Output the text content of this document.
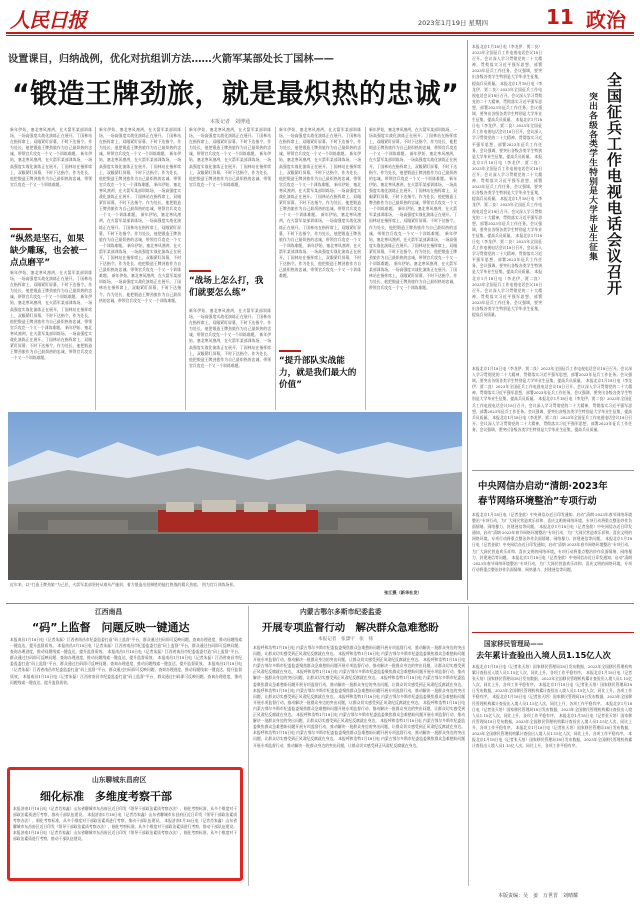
人民日报	2023年1月19日 星期四	11 政治
设置课目，归纳战例，优化对抗组训方法……火箭军某部处长丁国林——
“锻造王牌劲旅，就是最炽热的忠诚”
本报记者　刘博通
新年伊始，塞北寒风凛冽，在火箭军某部训练场，一场高强度实战化演练正在展开。丁国林站在指挥席上，双眼紧盯屏幕，不时下达指令。作为处长，他把锻造王牌劲旅作为自己最炽热的忠诚，带领官兵攻克一个又一个训练难题。 新年伊始，塞北寒风凛冽，在火箭军某部训练场，一场高强度实战化演练正在展开。丁国林站在指挥席上，双眼紧盯屏幕，不时下达指令。作为处长，他把锻造王牌劲旅作为自己最炽热的忠诚，带领官兵攻克一个又一个训练难题。
“纵然是坚石，如果缺少雕琢，也会被一点点磨平”
新年伊始，塞北寒风凛冽，在火箭军某部训练场，一场高强度实战化演练正在展开。丁国林站在指挥席上，双眼紧盯屏幕，不时下达指令。作为处长，他把锻造王牌劲旅作为自己最炽热的忠诚，带领官兵攻克一个又一个训练难题。 新年伊始，塞北寒风凛冽，在火箭军某部训练场，一场高强度实战化演练正在展开。丁国林站在指挥席上，双眼紧盯屏幕，不时下达指令。作为处长，他把锻造王牌劲旅作为自己最炽热的忠诚，带领官兵攻克一个又一个训练难题。 新年伊始，塞北寒风凛冽，在火箭军某部训练场，一场高强度实战化演练正在展开。丁国林站在指挥席上，双眼紧盯屏幕，不时下达指令。作为处长，他把锻造王牌劲旅作为自己最炽热的忠诚，带领官兵攻克一个又一个训练难题。
新年伊始，塞北寒风凛冽，在火箭军某部训练场，一场高强度实战化演练正在展开。丁国林站在指挥席上，双眼紧盯屏幕，不时下达指令。作为处长，他把锻造王牌劲旅作为自己最炽热的忠诚，带领官兵攻克一个又一个训练难题。 新年伊始，塞北寒风凛冽，在火箭军某部训练场，一场高强度实战化演练正在展开。丁国林站在指挥席上，双眼紧盯屏幕，不时下达指令。作为处长，他把锻造王牌劲旅作为自己最炽热的忠诚，带领官兵攻克一个又一个训练难题。 新年伊始，塞北寒风凛冽，在火箭军某部训练场，一场高强度实战化演练正在展开。丁国林站在指挥席上，双眼紧盯屏幕，不时下达指令。作为处长，他把锻造王牌劲旅作为自己最炽热的忠诚，带领官兵攻克一个又一个训练难题。 新年伊始，塞北寒风凛冽，在火箭军某部训练场，一场高强度实战化演练正在展开。丁国林站在指挥席上，双眼紧盯屏幕，不时下达指令。作为处长，他把锻造王牌劲旅作为自己最炽热的忠诚，带领官兵攻克一个又一个训练难题。 新年伊始，塞北寒风凛冽，在火箭军某部训练场，一场高强度实战化演练正在展开。丁国林站在指挥席上，双眼紧盯屏幕，不时下达指令。作为处长，他把锻造王牌劲旅作为自己最炽热的忠诚，带领官兵攻克一个又一个训练难题。 新年伊始，塞北寒风凛冽，在火箭军某部训练场，一场高强度实战化演练正在展开。丁国林站在指挥席上，双眼紧盯屏幕，不时下达指令。作为处长，他把锻造王牌劲旅作为自己最炽热的忠诚，带领官兵攻克一个又一个训练难题。
新年伊始，塞北寒风凛冽，在火箭军某部训练场，一场高强度实战化演练正在展开。丁国林站在指挥席上，双眼紧盯屏幕，不时下达指令。作为处长，他把锻造王牌劲旅作为自己最炽热的忠诚，带领官兵攻克一个又一个训练难题。 新年伊始，塞北寒风凛冽，在火箭军某部训练场，一场高强度实战化演练正在展开。丁国林站在指挥席上，双眼紧盯屏幕，不时下达指令。作为处长，他把锻造王牌劲旅作为自己最炽热的忠诚，带领官兵攻克一个又一个训练难题。
“战场上怎么打，我们就要怎么练”
新年伊始，塞北寒风凛冽，在火箭军某部训练场，一场高强度实战化演练正在展开。丁国林站在指挥席上，双眼紧盯屏幕，不时下达指令。作为处长，他把锻造王牌劲旅作为自己最炽热的忠诚，带领官兵攻克一个又一个训练难题。 新年伊始，塞北寒风凛冽，在火箭军某部训练场，一场高强度实战化演练正在展开。丁国林站在指挥席上，双眼紧盯屏幕，不时下达指令。作为处长，他把锻造王牌劲旅作为自己最炽热的忠诚，带领官兵攻克一个又一个训练难题。
新年伊始，塞北寒风凛冽，在火箭军某部训练场，一场高强度实战化演练正在展开。丁国林站在指挥席上，双眼紧盯屏幕，不时下达指令。作为处长，他把锻造王牌劲旅作为自己最炽热的忠诚，带领官兵攻克一个又一个训练难题。 新年伊始，塞北寒风凛冽，在火箭军某部训练场，一场高强度实战化演练正在展开。丁国林站在指挥席上，双眼紧盯屏幕，不时下达指令。作为处长，他把锻造王牌劲旅作为自己最炽热的忠诚，带领官兵攻克一个又一个训练难题。 新年伊始，塞北寒风凛冽，在火箭军某部训练场，一场高强度实战化演练正在展开。丁国林站在指挥席上，双眼紧盯屏幕，不时下达指令。作为处长，他把锻造王牌劲旅作为自己最炽热的忠诚，带领官兵攻克一个又一个训练难题。 新年伊始，塞北寒风凛冽，在火箭军某部训练场，一场高强度实战化演练正在展开。丁国林站在指挥席上，双眼紧盯屏幕，不时下达指令。作为处长，他把锻造王牌劲旅作为自己最炽热的忠诚，带领官兵攻克一个又一个训练难题。 新年伊始，塞北寒风凛冽，在火箭军某部训练场，一场高强度实战化演练正在展开。丁国林站在指挥席上，双眼紧盯屏幕，不时下达指令。作为处长，他把锻造王牌劲旅作为自己最炽热的忠诚，带领官兵攻克一个又一个训练难题。
“提升部队实战能力，就是我们最大的价值”
新年伊始，塞北寒风凛冽，在火箭军某部训练场，一场高强度实战化演练正在展开。丁国林站在指挥席上，双眼紧盯屏幕，不时下达指令。作为处长，他把锻造王牌劲旅作为自己最炽热的忠诚，带领官兵攻克一个又一个训练难题。 新年伊始，塞北寒风凛冽，在火箭军某部训练场，一场高强度实战化演练正在展开。丁国林站在指挥席上，双眼紧盯屏幕，不时下达指令。作为处长，他把锻造王牌劲旅作为自己最炽热的忠诚，带领官兵攻克一个又一个训练难题。 新年伊始，塞北寒风凛冽，在火箭军某部训练场，一场高强度实战化演练正在展开。丁国林站在指挥席上，双眼紧盯屏幕，不时下达指令。作为处长，他把锻造王牌劲旅作为自己最炽热的忠诚，带领官兵攻克一个又一个训练难题。 新年伊始，塞北寒风凛冽，在火箭军某部训练场，一场高强度实战化演练正在展开。丁国林站在指挥席上，双眼紧盯屏幕，不时下达指令。作为处长，他把锻造王牌劲旅作为自己最炽热的忠诚，带领官兵攻克一个又一个训练难题。 新年伊始，塞北寒风凛冽，在火箭军某部训练场，一场高强度实战化演练正在展开。丁国林站在指挥席上，双眼紧盯屏幕，不时下达指令。作为处长，他把锻造王牌劲旅作为自己最炽热的忠诚，带领官兵攻克一个又一个训练难题。 新年伊始，塞北寒风凛冽，在火箭军某部训练场，一场高强度实战化演练正在展开。丁国林站在指挥席上，双眼紧盯屏幕，不时下达指令。作为处长，他把锻造王牌劲旅作为自己最炽热的忠诚，带领官兵攻克一个又一个训练难题。
近年来，以“打造王牌劲旅”为己任，火箭军某部坚持从难从严施训，着力锻造出招制胜的能打胜战的精兵劲旅。 图为官兵训练场景。
张江摄（新华社发）
本报北京1月18日电（李龙伊、贾二良）2023年全国征兵工作电视电话会议18日召开。会议深入学习贯彻党的二十大精神，贯彻落实习近平强军思想，部署2023年征兵工作任务。会议强调，要突出各级各类学生特别是大学毕业生征集，提高兵员质量。 本报北京1月18日电（李龙伊、贾二良）2023年全国征兵工作电视电话会议18日召开。会议深入学习贯彻党的二十大精神，贯彻落实习近平强军思想，部署2023年征兵工作任务。会议强调，要突出各级各类学生特别是大学毕业生征集，提高兵员质量。 本报北京1月18日电（李龙伊、贾二良）2023年全国征兵工作电视电话会议18日召开。会议深入学习贯彻党的二十大精神，贯彻落实习近平强军思想，部署2023年征兵工作任务。会议强调，要突出各级各类学生特别是大学毕业生征集，提高兵员质量。 本报北京1月18日电（李龙伊、贾二良）2023年全国征兵工作电视电话会议18日召开。会议深入学习贯彻党的二十大精神，贯彻落实习近平强军思想，部署2023年征兵工作任务。会议强调，要突出各级各类学生特别是大学毕业生征集，提高兵员质量。 本报北京1月18日电（李龙伊、贾二良）2023年全国征兵工作电视电话会议18日召开。会议深入学习贯彻党的二十大精神，贯彻落实习近平强军思想，部署2023年征兵工作任务。会议强调，要突出各级各类学生特别是大学毕业生征集，提高兵员质量。 本报北京1月18日电（李龙伊、贾二良）2023年全国征兵工作电视电话会议18日召开。会议深入学习贯彻党的二十大精神，贯彻落实习近平强军思想，部署2023年征兵工作任务。会议强调，要突出各级各类学生特别是大学毕业生征集，提高兵员质量。 本报北京1月18日电（李龙伊、贾二良）2023年全国征兵工作电视电话会议18日召开。会议深入学习贯彻党的二十大精神，贯彻落实习近平强军思想，部署2023年征兵工作任务。会议强调，要突出各级各类学生特别是大学毕业生征集，提高兵员质量。
全国征兵工作电视电话会议召开
突出各级各类学生特别是大学毕业生征集
本报北京1月18日电（李龙伊、贾二良）2023年全国征兵工作电视电话会议18日召开。会议深入学习贯彻党的二十大精神，贯彻落实习近平强军思想，部署2023年征兵工作任务。会议强调，要突出各级各类学生特别是大学毕业生征集，提高兵员质量。 本报北京1月18日电（李龙伊、贾二良）2023年全国征兵工作电视电话会议18日召开。会议深入学习贯彻党的二十大精神，贯彻落实习近平强军思想，部署2023年征兵工作任务。会议强调，要突出各级各类学生特别是大学毕业生征集，提高兵员质量。 本报北京1月18日电（李龙伊、贾二良）2023年全国征兵工作电视电话会议18日召开。会议深入学习贯彻党的二十大精神，贯彻落实习近平强军思想，部署2023年征兵工作任务。会议强调，要突出各级各类学生特别是大学毕业生征集，提高兵员质量。 本报北京1月18日电（李龙伊、贾二良）2023年全国征兵工作电视电话会议18日召开。会议深入学习贯彻党的二十大精神，贯彻落实习近平强军思想，部署2023年征兵工作任务。会议强调，要突出各级各类学生特别是大学毕业生征集，提高兵员质量。
中央网信办启动“清朗·2023年
春节网络环境整治”专项行动
本报北京1月18日电（记者金歆）中央网信办近日印发通知，启动“清朗·2023年春节网络环境整治”专项行动，为广大网民营造欢乐祥和、喜庆文明的网络环境。专项行动将重点整治炒作负面情绪、网络暴力、封建迷信等问题。 本报北京1月18日电（记者金歆）中央网信办近日印发通知，启动“清朗·2023年春节网络环境整治”专项行动，为广大网民营造欢乐祥和、喜庆文明的网络环境。专项行动将重点整治炒作负面情绪、网络暴力、封建迷信等问题。 本报北京1月18日电（记者金歆）中央网信办近日印发通知，启动“清朗·2023年春节网络环境整治”专项行动，为广大网民营造欢乐祥和、喜庆文明的网络环境。专项行动将重点整治炒作负面情绪、网络暴力、封建迷信等问题。 本报北京1月18日电（记者金歆）中央网信办近日印发通知，启动“清朗·2023年春节网络环境整治”专项行动，为广大网民营造欢乐祥和、喜庆文明的网络环境。专项行动将重点整治炒作负面情绪、网络暴力、封建迷信等问题。
江西南昌
“码”上监督　问题反映一键通达
本报南昌1月18日电（记者朱磊）江西省南昌市纪委监委打造“码上监督”平台，群众通过扫码即可反映问题、查询办理进度，推动问题线索一键直达，提升监督质效。 本报南昌1月18日电（记者朱磊）江西省南昌市纪委监委打造“码上监督”平台，群众通过扫码即可反映问题、查询办理进度，推动问题线索一键直达，提升监督质效。 本报南昌1月18日电（记者朱磊）江西省南昌市纪委监委打造“码上监督”平台，群众通过扫码即可反映问题、查询办理进度，推动问题线索一键直达，提升监督质效。 本报南昌1月18日电（记者朱磊）江西省南昌市纪委监委打造“码上监督”平台，群众通过扫码即可反映问题、查询办理进度，推动问题线索一键直达，提升监督质效。 本报南昌1月18日电（记者朱磊）江西省南昌市纪委监委打造“码上监督”平台，群众通过扫码即可反映问题、查询办理进度，推动问题线索一键直达，提升监督质效。 本报南昌1月18日电（记者朱磊）江西省南昌市纪委监委打造“码上监督”平台，群众通过扫码即可反映问题、查询办理进度，推动问题线索一键直达，提升监督质效。
山东聊城东昌府区
细化标准　多维度考察干部
本报济南1月18日电（记者肖家鑫）山东省聊城市东昌府区近日印发《领导干部政治素质考察办法》，细化考察标准，从多个维度对干部政治素质进行考察，推动干部队伍建设。 本报济南1月18日电（记者肖家鑫）山东省聊城市东昌府区近日印发《领导干部政治素质考察办法》，细化考察标准，从多个维度对干部政治素质进行考察，推动干部队伍建设。 本报济南1月18日电（记者肖家鑫）山东省聊城市东昌府区近日印发《领导干部政治素质考察办法》，细化考察标准，从多个维度对干部政治素质进行考察，推动干部队伍建设。 本报济南1月18日电（记者肖家鑫）山东省聊城市东昌府区近日印发《领导干部政治素质考察办法》，细化考察标准，从多个维度对干部政治素质进行考察，推动干部队伍建设。
内蒙古鄂尔多斯市纪委监委
开展专项监督行动　解决群众急难愁盼
本报记者　张潇宇　张　扬
本报呼和浩特1月18日电 内蒙古鄂尔多斯市纪委监委聚焦群众急难愁盼问题开展专项监督行动，推动解决一批群众身边的突出问题，让群众切实感受到正风肃纪反腐就在身边。 本报呼和浩特1月18日电 内蒙古鄂尔多斯市纪委监委聚焦群众急难愁盼问题开展专项监督行动，推动解决一批群众身边的突出问题，让群众切实感受到正风肃纪反腐就在身边。 本报呼和浩特1月18日电 内蒙古鄂尔多斯市纪委监委聚焦群众急难愁盼问题开展专项监督行动，推动解决一批群众身边的突出问题，让群众切实感受到正风肃纪反腐就在身边。 本报呼和浩特1月18日电 内蒙古鄂尔多斯市纪委监委聚焦群众急难愁盼问题开展专项监督行动，推动解决一批群众身边的突出问题，让群众切实感受到正风肃纪反腐就在身边。 本报呼和浩特1月18日电 内蒙古鄂尔多斯市纪委监委聚焦群众急难愁盼问题开展专项监督行动，推动解决一批群众身边的突出问题，让群众切实感受到正风肃纪反腐就在身边。 本报呼和浩特1月18日电 内蒙古鄂尔多斯市纪委监委聚焦群众急难愁盼问题开展专项监督行动，推动解决一批群众身边的突出问题，让群众切实感受到正风肃纪反腐就在身边。 本报呼和浩特1月18日电 内蒙古鄂尔多斯市纪委监委聚焦群众急难愁盼问题开展专项监督行动，推动解决一批群众身边的突出问题，让群众切实感受到正风肃纪反腐就在身边。 本报呼和浩特1月18日电 内蒙古鄂尔多斯市纪委监委聚焦群众急难愁盼问题开展专项监督行动，推动解决一批群众身边的突出问题，让群众切实感受到正风肃纪反腐就在身边。 本报呼和浩特1月18日电 内蒙古鄂尔多斯市纪委监委聚焦群众急难愁盼问题开展专项监督行动，推动解决一批群众身边的突出问题，让群众切实感受到正风肃纪反腐就在身边。 本报呼和浩特1月18日电 内蒙古鄂尔多斯市纪委监委聚焦群众急难愁盼问题开展专项监督行动，推动解决一批群众身边的突出问题，让群众切实感受到正风肃纪反腐就在身边。 本报呼和浩特1月18日电 内蒙古鄂尔多斯市纪委监委聚焦群众急难愁盼问题开展专项监督行动，推动解决一批群众身边的突出问题，让群众切实感受到正风肃纪反腐就在身边。 本报呼和浩特1月18日电 内蒙古鄂尔多斯市纪委监委聚焦群众急难愁盼问题开展专项监督行动，推动解决一批群众身边的突出问题，让群众切实感受到正风肃纪反腐就在身边。
国家移民管理局——
去年累计查验出入境人员1.15亿人次
本报北京1月18日电（记者张天培）国家移民管理局18日发布数据，2023年全国移民管理机构累计查验出入境人员1.15亿人次，同比上升，各项工作平稳有序。 本报北京1月18日电（记者张天培）国家移民管理局18日发布数据，2023年全国移民管理机构累计查验出入境人员1.15亿人次，同比上升，各项工作平稳有序。 本报北京1月18日电（记者张天培）国家移民管理局18日发布数据，2023年全国移民管理机构累计查验出入境人员1.15亿人次，同比上升，各项工作平稳有序。 本报北京1月18日电（记者张天培）国家移民管理局18日发布数据，2023年全国移民管理机构累计查验出入境人员1.15亿人次，同比上升，各项工作平稳有序。 本报北京1月18日电（记者张天培）国家移民管理局18日发布数据，2023年全国移民管理机构累计查验出入境人员1.15亿人次，同比上升，各项工作平稳有序。 本报北京1月18日电（记者张天培）国家移民管理局18日发布数据，2023年全国移民管理机构累计查验出入境人员1.15亿人次，同比上升，各项工作平稳有序。 本报北京1月18日电（记者张天培）国家移民管理局18日发布数据，2023年全国移民管理机构累计查验出入境人员1.15亿人次，同比上升，各项工作平稳有序。 本报北京1月18日电（记者张天培）国家移民管理局18日发布数据，2023年全国移民管理机构累计查验出入境人员1.15亿人次，同比上升，各项工作平稳有序。
本版责编：吴　姜　万世晋　刘晴耀
